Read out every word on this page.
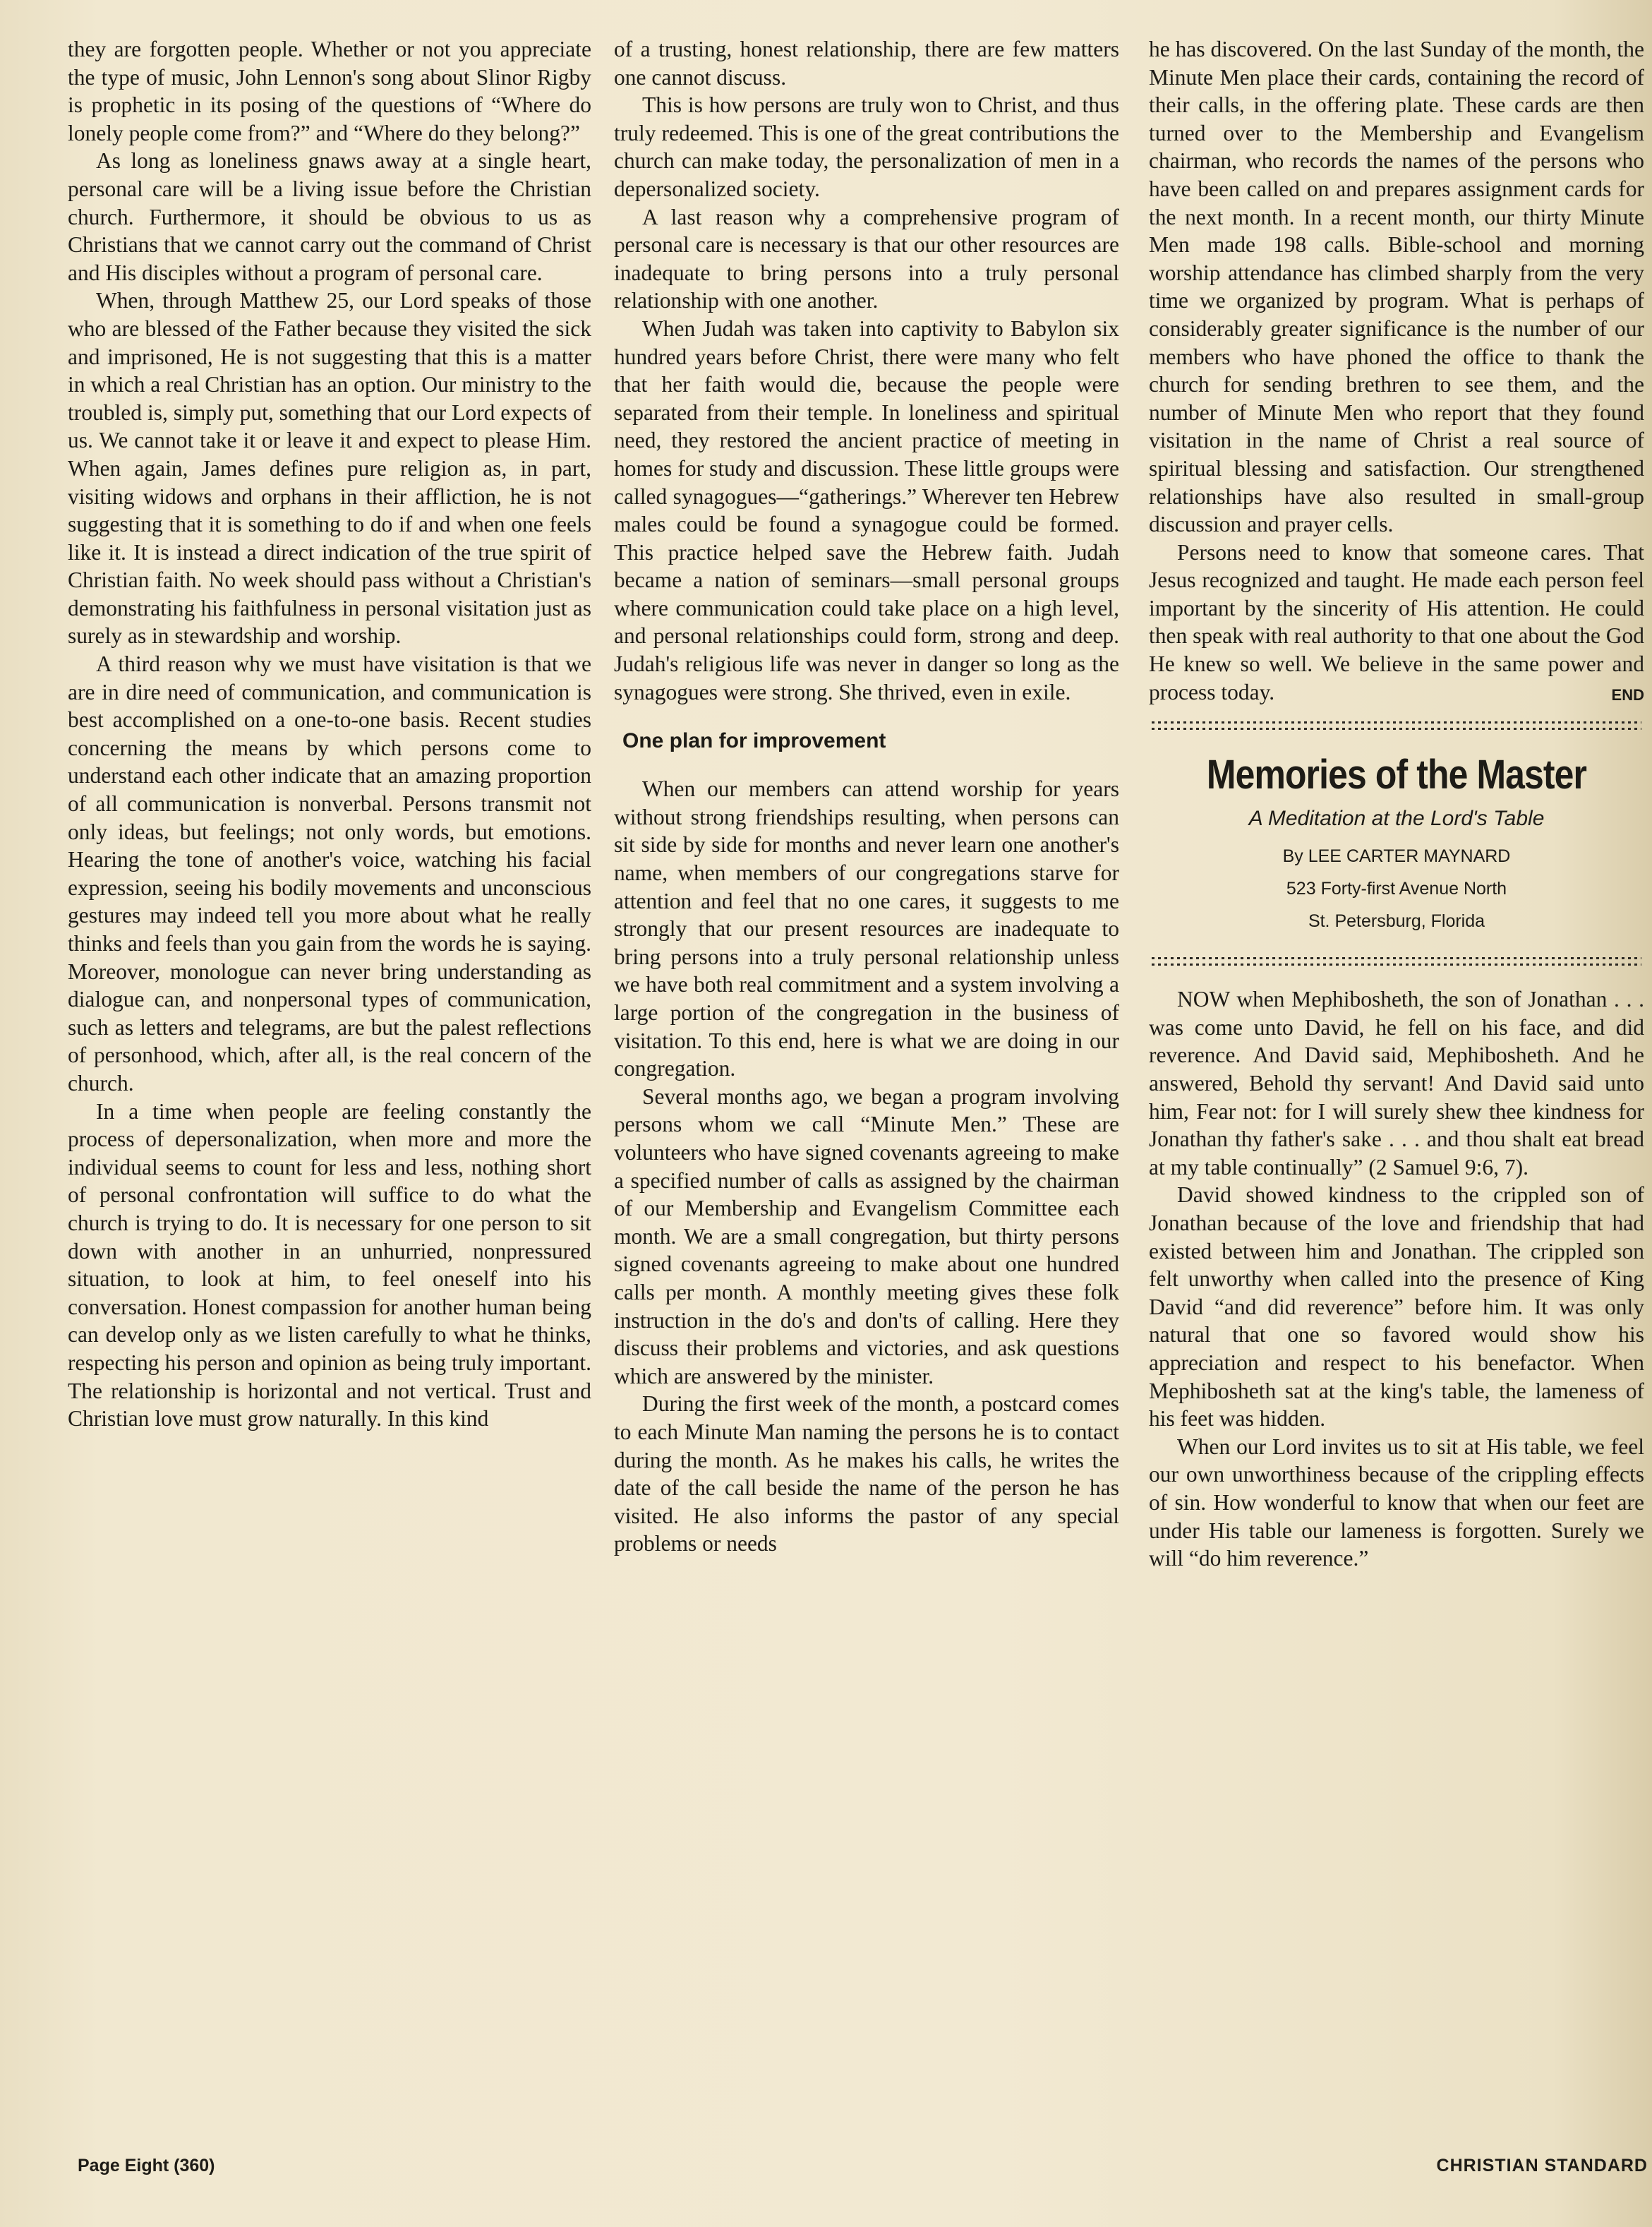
they are forgotten people. Whether or not you appreciate the type of music, John Lennon's song about Slinor Rigby is prophetic in its posing of the questions of “Where do lonely people come from?” and “Where do they belong?”

As long as loneliness gnaws away at a single heart, personal care will be a living issue before the Christian church. Furthermore, it should be obvious to us as Christians that we cannot carry out the command of Christ and His disciples without a program of personal care.

When, through Matthew 25, our Lord speaks of those who are blessed of the Father because they visited the sick and imprisoned, He is not suggesting that this is a matter in which a real Christian has an option. Our ministry to the troubled is, simply put, something that our Lord expects of us. We cannot take it or leave it and expect to please Him. When again, James defines pure religion as, in part, visiting widows and orphans in their affliction, he is not suggesting that it is something to do if and when one feels like it. It is instead a direct indication of the true spirit of Christian faith. No week should pass without a Christian's demonstrating his faithfulness in personal visitation just as surely as in stewardship and worship.

A third reason why we must have visitation is that we are in dire need of communication, and communication is best accomplished on a one-to-one basis. Recent studies concerning the means by which persons come to understand each other indicate that an amazing proportion of all communication is nonverbal. Persons transmit not only ideas, but feelings; not only words, but emotions. Hearing the tone of another's voice, watching his facial expression, seeing his bodily movements and unconscious gestures may indeed tell you more about what he really thinks and feels than you gain from the words he is saying. Moreover, monologue can never bring understanding as dialogue can, and nonpersonal types of communication, such as letters and telegrams, are but the palest reflections of personhood, which, after all, is the real concern of the church.

In a time when people are feeling constantly the process of depersonalization, when more and more the individual seems to count for less and less, nothing short of personal confrontation will suffice to do what the church is trying to do. It is necessary for one person to sit down with another in an unhurried, nonpressured situation, to look at him, to feel oneself into his conversation. Honest compassion for another human being can develop only as we listen carefully to what he thinks, respecting his person and opinion as being truly important. The relationship is horizontal and not vertical. Trust and Christian love must grow naturally. In this kind

of a trusting, honest relationship, there are few matters one cannot discuss.

This is how persons are truly won to Christ, and thus truly redeemed. This is one of the great contributions the church can make today, the personalization of men in a depersonalized society.

A last reason why a comprehensive program of personal care is necessary is that our other resources are inadequate to bring persons into a truly personal relationship with one another.

When Judah was taken into captivity to Babylon six hundred years before Christ, there were many who felt that her faith would die, because the people were separated from their temple. In loneliness and spiritual need, they restored the ancient practice of meeting in homes for study and discussion. These little groups were called synagogues—“gatherings.” Wherever ten Hebrew males could be found a synagogue could be formed. This practice helped save the Hebrew faith. Judah became a nation of seminars—small personal groups where communication could take place on a high level, and personal relationships could form, strong and deep. Judah's religious life was never in danger so long as the synagogues were strong. She thrived, even in exile.

One plan for improvement

When our members can attend worship for years without strong friendships resulting, when persons can sit side by side for months and never learn one another's name, when members of our congregations starve for attention and feel that no one cares, it suggests to me strongly that our present resources are inadequate to bring persons into a truly personal relationship unless we have both real commitment and a system involving a large portion of the congregation in the business of visitation. To this end, here is what we are doing in our congregation.

Several months ago, we began a program involving persons whom we call “Minute Men.” These are volunteers who have signed covenants agreeing to make a specified number of calls as assigned by the chairman of our Membership and Evangelism Committee each month. We are a small congregation, but thirty persons signed covenants agreeing to make about one hundred calls per month. A monthly meeting gives these folk instruction in the do's and don'ts of calling. Here they discuss their problems and victories, and ask questions which are answered by the minister.

During the first week of the month, a postcard comes to each Minute Man naming the persons he is to contact during the month. As he makes his calls, he writes the date of the call beside the name of the person he has visited. He also informs the pastor of any special problems or needs

he has discovered. On the last Sunday of the month, the Minute Men place their cards, containing the record of their calls, in the offering plate. These cards are then turned over to the Membership and Evangelism chairman, who records the names of the persons who have been called on and prepares assignment cards for the next month. In a recent month, our thirty Minute Men made 198 calls. Bible-school and morning worship attendance has climbed sharply from the very time we organized by program. What is perhaps of considerably greater significance is the number of our members who have phoned the office to thank the church for sending brethren to see them, and the number of Minute Men who report that they found visitation in the name of Christ a real source of spiritual blessing and satisfaction. Our strengthened relationships have also resulted in small-group discussion and prayer cells.

Persons need to know that someone cares. That Jesus recognized and taught. He made each person feel important by the sincerity of His attention. He could then speak with real authority to that one about the God He knew so well. We believe in the same power and process today.	END

Memories of the Master
A Meditation at the Lord's Table
By LEE CARTER MAYNARD
523 Forty-first Avenue North
St. Petersburg, Florida

NOW when Mephibosheth, the son of Jonathan . . . was come unto David, he fell on his face, and did reverence. And David said, Mephibosheth. And he answered, Behold thy servant! And David said unto him, Fear not: for I will surely shew thee kindness for Jonathan thy father's sake . . . and thou shalt eat bread at my table continually” (2 Samuel 9:6, 7).

David showed kindness to the crippled son of Jonathan because of the love and friendship that had existed between him and Jonathan. The crippled son felt unworthy when called into the presence of King David “and did reverence” before him. It was only natural that one so favored would show his appreciation and respect to his benefactor. When Mephibosheth sat at the king's table, the lameness of his feet was hidden.

When our Lord invites us to sit at His table, we feel our own unworthiness because of the crippling effects of sin. How wonderful to know that when our feet are under His table our lameness is forgotten. Surely we will “do him reverence.”

Page Eight (360)	CHRISTIAN STANDARD
